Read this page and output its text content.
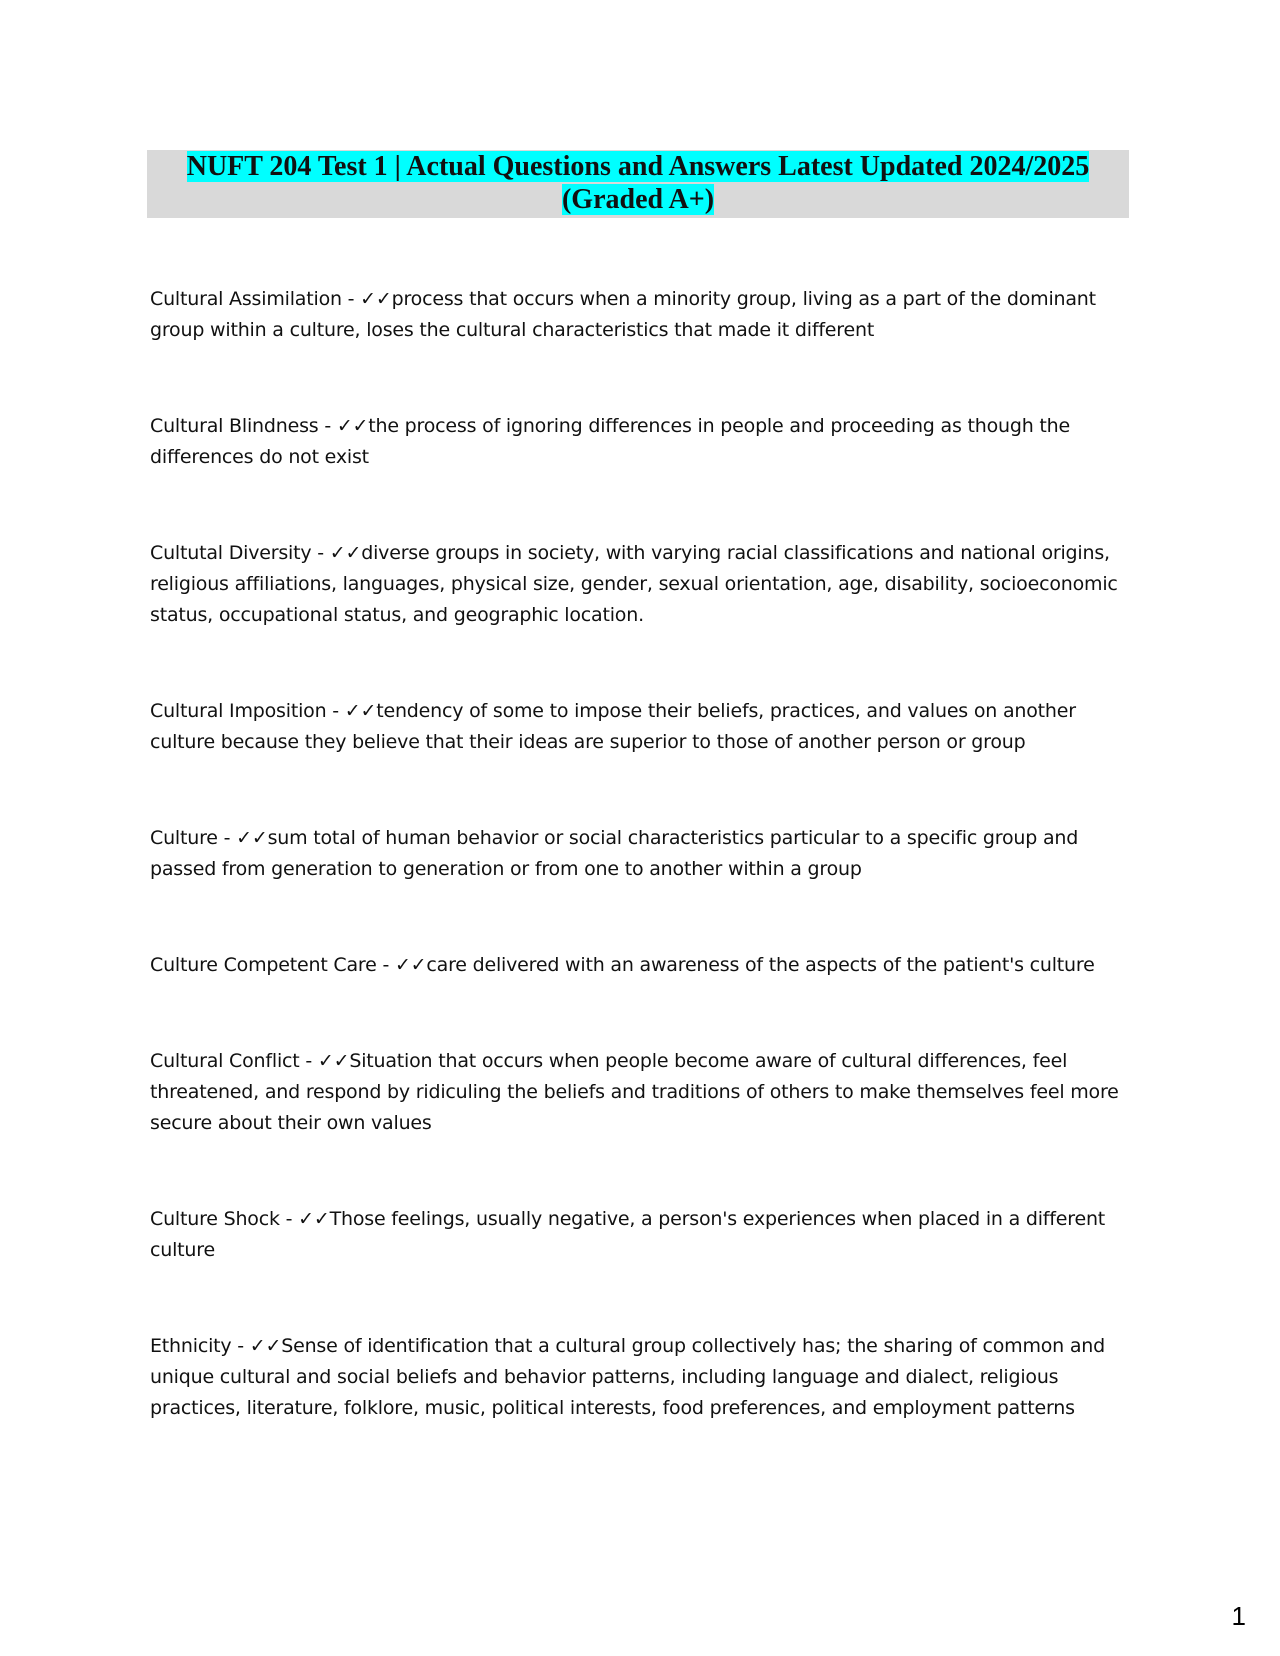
NUFT 204 Test 1 | Actual Questions and Answers Latest Updated 2024/2025

(Graded A+)

Cultural Assimilation - ✓✓process that occurs when a minority group, living as a part of the dominant group within a culture, loses the cultural characteristics that made it different

Cultural Blindness - ✓✓the process of ignoring differences in people and proceeding as though the differences do not exist

Cultutal Diversity - ✓✓diverse groups in society, with varying racial classifications and national origins, religious affiliations, languages, physical size, gender, sexual orientation, age, disability, socioeconomic status, occupational status, and geographic location.

Cultural Imposition - ✓✓tendency of some to impose their beliefs, practices, and values on another culture because they believe that their ideas are superior to those of another person or group

Culture - ✓✓sum total of human behavior or social characteristics particular to a specific group and passed from generation to generation or from one to another within a group

Culture Competent Care - ✓✓care delivered with an awareness of the aspects of the patient's culture

Cultural Conflict - ✓✓Situation that occurs when people become aware of cultural differences, feel threatened, and respond by ridiculing the beliefs and traditions of others to make themselves feel more secure about their own values

Culture Shock - ✓✓Those feelings, usually negative, a person's experiences when placed in a different culture

Ethnicity - ✓✓Sense of identification that a cultural group collectively has; the sharing of common and unique cultural and social beliefs and behavior patterns, including language and dialect, religious practices, literature, folklore, music, political interests, food preferences, and employment patterns

1
